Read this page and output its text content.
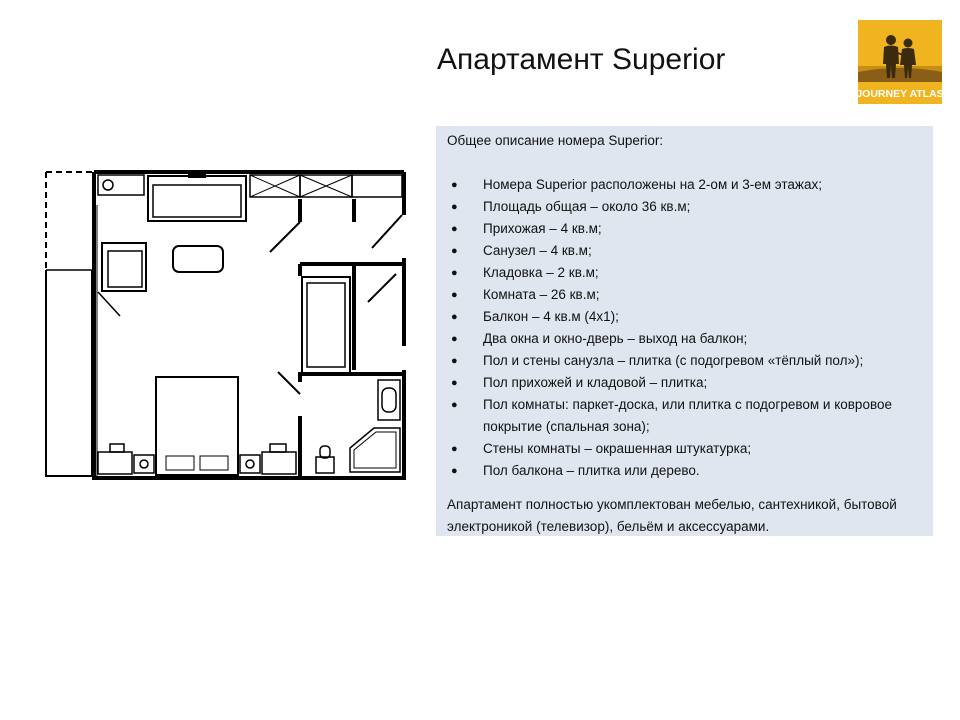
Апартамент Superior
JOURNEY ATLAS
Общее описание номера Superior:
● Номера Superior расположены на 2-ом и 3-ем этажах;
● Площадь общая – около 36 кв.м;
● Прихожая – 4 кв.м;
● Санузел – 4 кв.м;
● Кладовка – 2 кв.м;
● Комната – 26 кв.м;
● Балкон – 4 кв.м (4х1);
● Два окна и окно-дверь – выход на балкон;
● Пол и стены санузла – плитка (с подогревом «тёплый пол»);
● Пол прихожей и кладовой – плитка;
● Пол комнаты: паркет-доска, или плитка с подогревом и ковровое покрытие (спальная зона);
● Стены комнаты – окрашенная штукатурка;
● Пол балкона – плитка или дерево.
Апартамент полностью укомплектован мебелью, сантехникой, бытовой электроникой (телевизор), бельём и аксессуарами.
